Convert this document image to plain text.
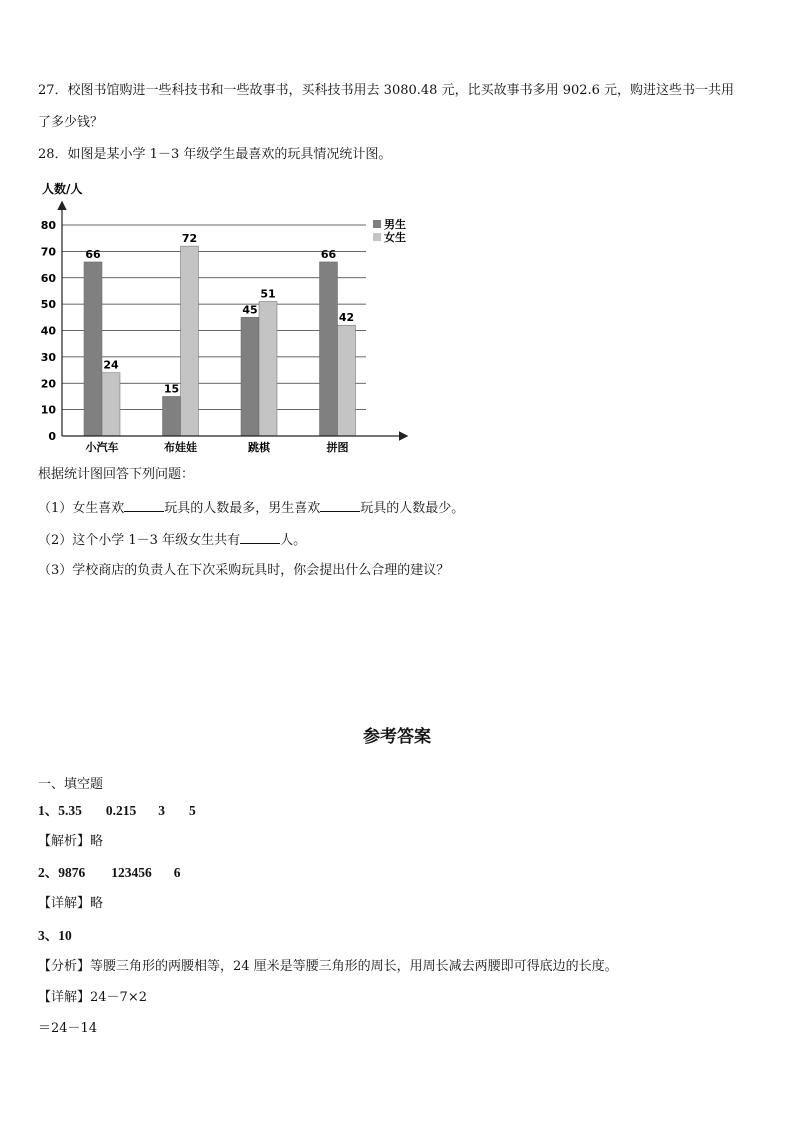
27．校图书馆购进一些科技书和一些故事书，买科技书用去 3080.48 元，比买故事书多用 902.6 元，购进这些书一共用
了多少钱？
28．如图是某小学 1－3 年级学生最喜欢的玩具情况统计图。
人数/人
0
10
20
30
40
50
60
70
80
66
24
15
72
45
51
66
42
小汽车	布娃娃	跳棋	拼图
男生
女生
根据统计图回答下列问题：
（1）女生喜欢	玩具的人数最多，男生喜欢	玩具的人数最少。
（2）这个小学 1－3 年级女生共有	人。
（3）学校商店的负责人在下次采购玩具时，你会提出什么合理的建议？
参考答案
一、填空题
1、5.35 0.215 3 5
【解析】略
2、9876 123456 6
【详解】略
3、10
【分析】等腰三角形的两腰相等，24 厘米是等腰三角形的周长，用周长减去两腰即可得底边的长度。
【详解】24－7×2
＝24－14
